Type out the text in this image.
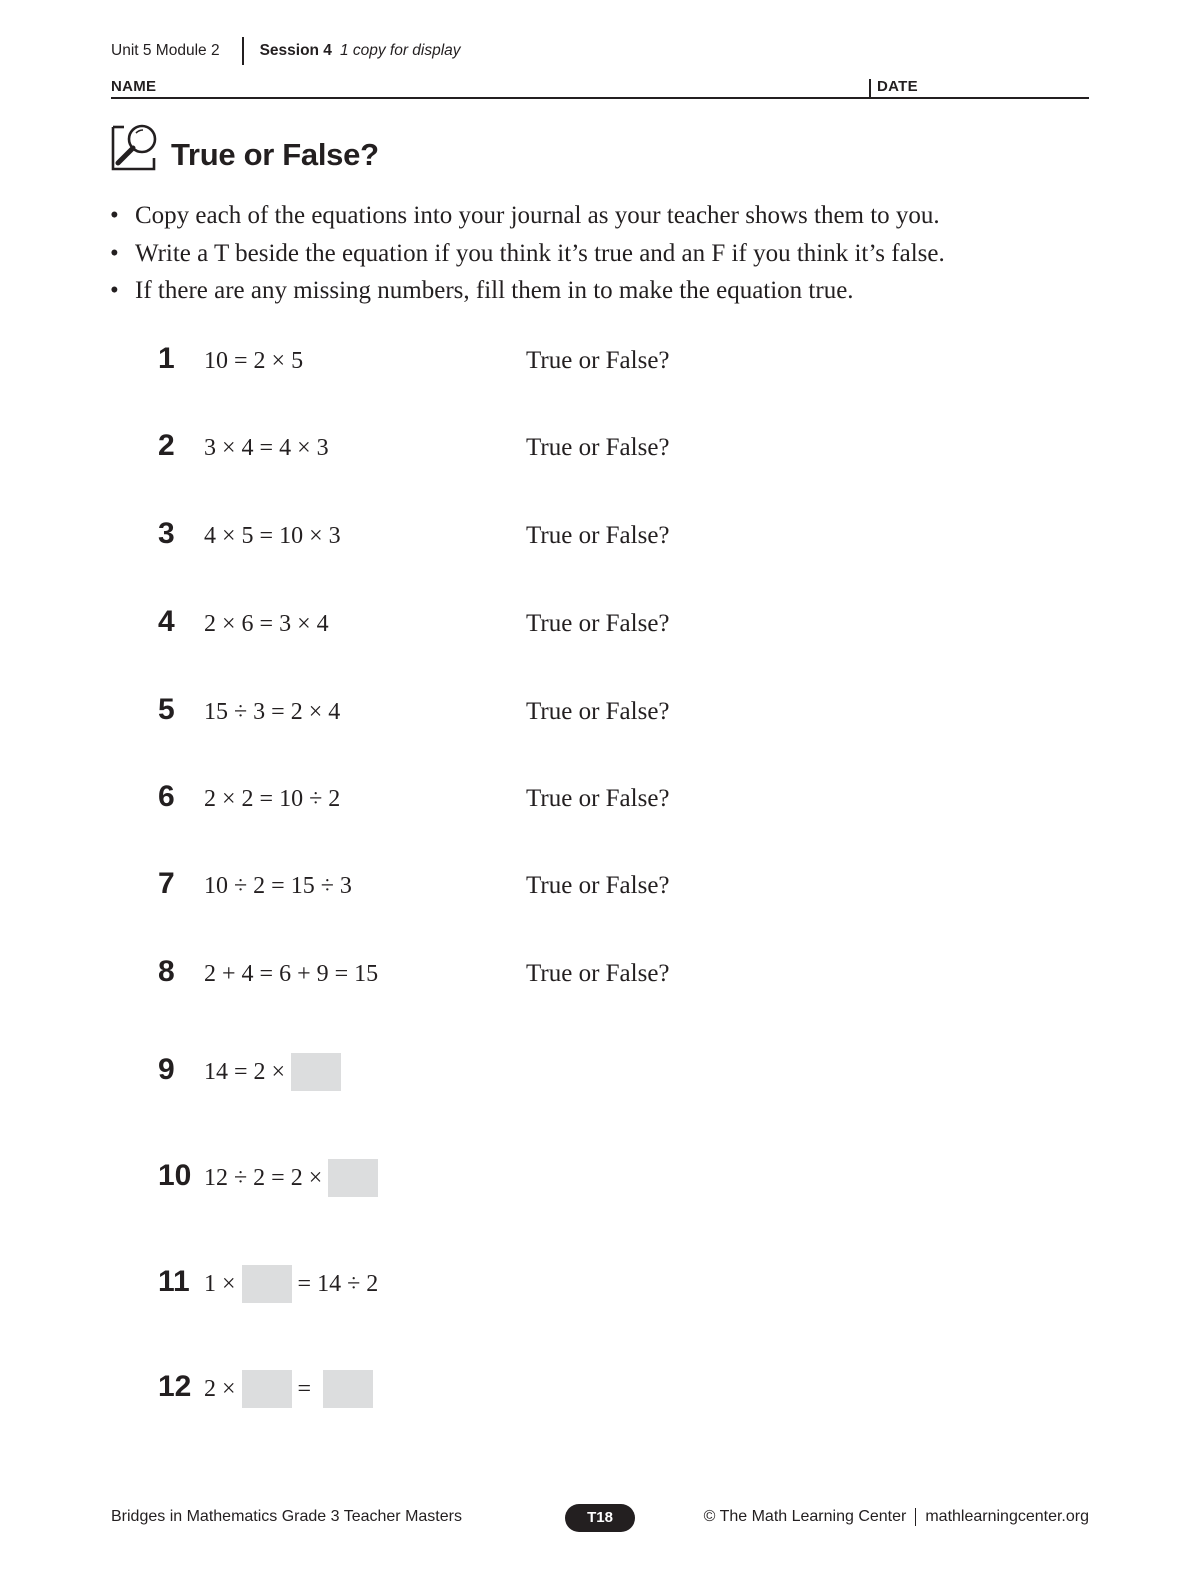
Unit 5 Module 2	Session 4 1 copy for display
NAME	DATE
True or False?
• Copy each of the equations into your journal as your teacher shows them to you.
• Write a T beside the equation if you think it’s true and an F if you think it’s false.
• If there are any missing numbers, fill them in to make the equation true.
1 10 = 2 × 5	True or False?
2 3 × 4 = 4 × 3	True or False?
3 4 × 5 = 10 × 3	True or False?
4 2 × 6 = 3 × 4	True or False?
5 15 ÷ 3 = 2 × 4	True or False?
6 2 × 2 = 10 ÷ 2	True or False?
7 10 ÷ 2 = 15 ÷ 3	True or False?
8 2 + 4 = 6 + 9 = 15	True or False?
9 14 = 2 ×
10 12 ÷ 2 = 2 ×
11 1 ×	= 14 ÷ 2
12 2 ×	=
Bridges in Mathematics Grade 3 Teacher Masters	T18	© The Math Learning Center mathlearningcenter.org
